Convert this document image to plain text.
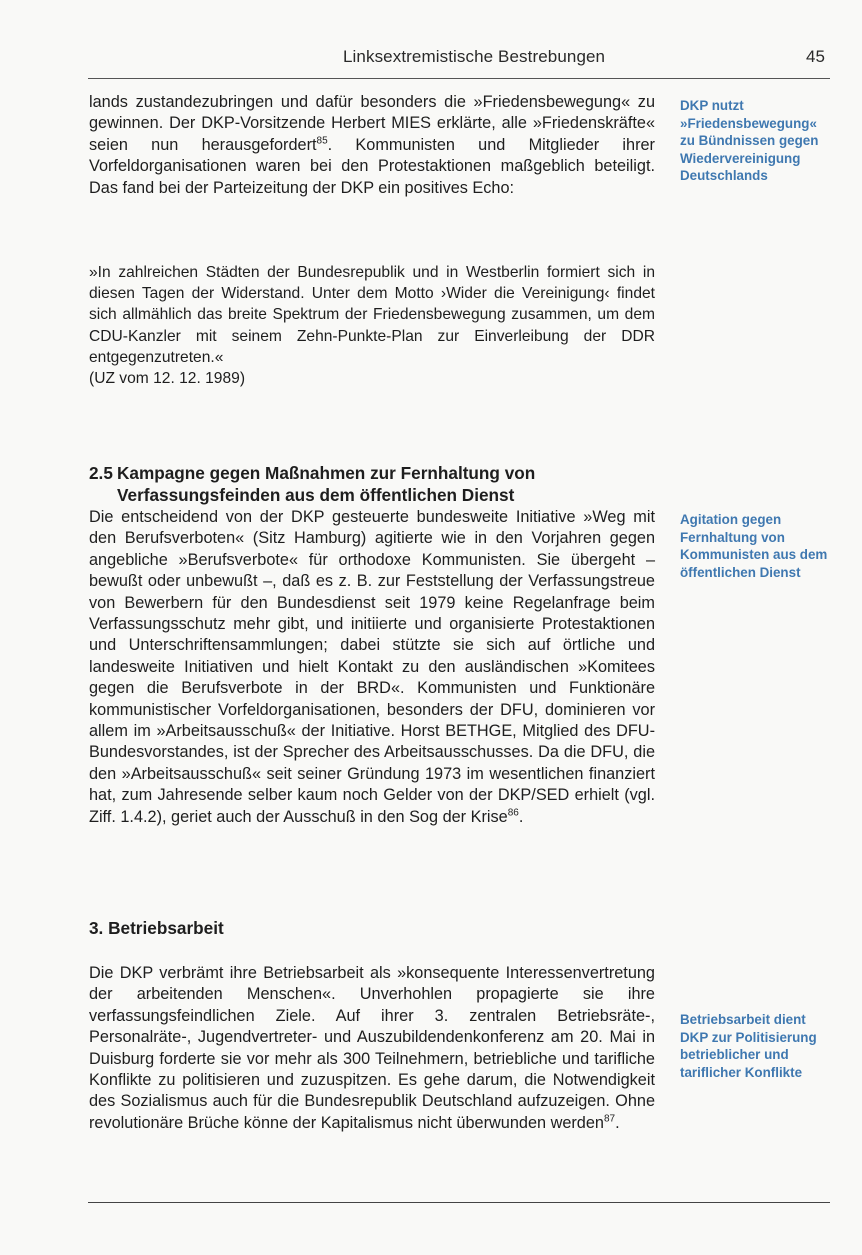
Linksextremistische Bestrebungen	45

lands zustandezubringen und dafür besonders die »Friedensbewegung« zu gewinnen. Der DKP-Vorsitzende Herbert MIES erklärte, alle »Friedenskräfte« seien nun herausgefordert$^{85}$. Kommunisten und Mitglieder ihrer Vorfeldorganisationen waren bei den Protestaktionen maßgeblich beteiligt. Das fand bei der Parteizeitung der DKP ein positives Echo:

»In zahlreichen Städten der Bundesrepublik und in Westberlin formiert sich in diesen Tagen der Widerstand. Unter dem Motto ›Wider die Vereinigung‹ findet sich allmählich das breite Spektrum der Friedensbewegung zusammen, um dem CDU-Kanzler mit seinem Zehn-Punkte-Plan zur Einverleibung der DDR entgegenzutreten.«

(UZ vom 12. 12. 1989)

2.5 Kampagne gegen Maßnahmen zur Fernhaltung von Verfassungsfeinden aus dem öffentlichen Dienst

Die entscheidend von der DKP gesteuerte bundesweite Initiative »Weg mit den Berufsverboten« (Sitz Hamburg) agitierte wie in den Vorjahren gegen angebliche »Berufsverbote« für orthodoxe Kommunisten. Sie übergeht – bewußt oder unbewußt –, daß es z. B. zur Feststellung der Verfassungstreue von Bewerbern für den Bundesdienst seit 1979 keine Regelanfrage beim Verfassungsschutz mehr gibt, und initiierte und organisierte Protestaktionen und Unterschriftensammlungen; dabei stützte sie sich auf örtliche und landesweite Initiativen und hielt Kontakt zu den ausländischen »Komitees gegen die Berufsverbote in der BRD«. Kommunisten und Funktionäre kommunistischer Vorfeldorganisationen, besonders der DFU, dominieren vor allem im »Arbeitsausschuß« der Initiative. Horst BETHGE, Mitglied des DFU-Bundesvorstandes, ist der Sprecher des Arbeitsausschusses. Da die DFU, die den »Arbeitsausschuß« seit seiner Gründung 1973 im wesentlichen finanziert hat, zum Jahresende selber kaum noch Gelder von der DKP/SED erhielt (vgl. Ziff. 1.4.2), geriet auch der Ausschuß in den Sog der Krise$^{86}$.

3. Betriebsarbeit

Die DKP verbrämt ihre Betriebsarbeit als »konsequente Interessenvertretung der arbeitenden Menschen«. Unverhohlen propagierte sie ihre verfassungsfeindlichen Ziele. Auf ihrer 3. zentralen Betriebsräte-, Personalräte-, Jugendvertreter- und Auszubildendenkonferenz am 20. Mai in Duisburg forderte sie vor mehr als 300 Teilnehmern, betriebliche und tarifliche Konflikte zu politisieren und zuzuspitzen. Es gehe darum, die Notwendigkeit des Sozialismus auch für die Bundesrepublik Deutschland aufzuzeigen. Ohne revolutionäre Brüche könne der Kapitalismus nicht überwunden werden$^{87}$.

DKP nutzt »Friedensbewegung« zu Bündnissen gegen Wiedervereinigung Deutschlands

Agitation gegen Fernhaltung von Kommunisten aus dem öffentlichen Dienst

Betriebsarbeit dient DKP zur Politisierung betrieblicher und tariflicher Konflikte
